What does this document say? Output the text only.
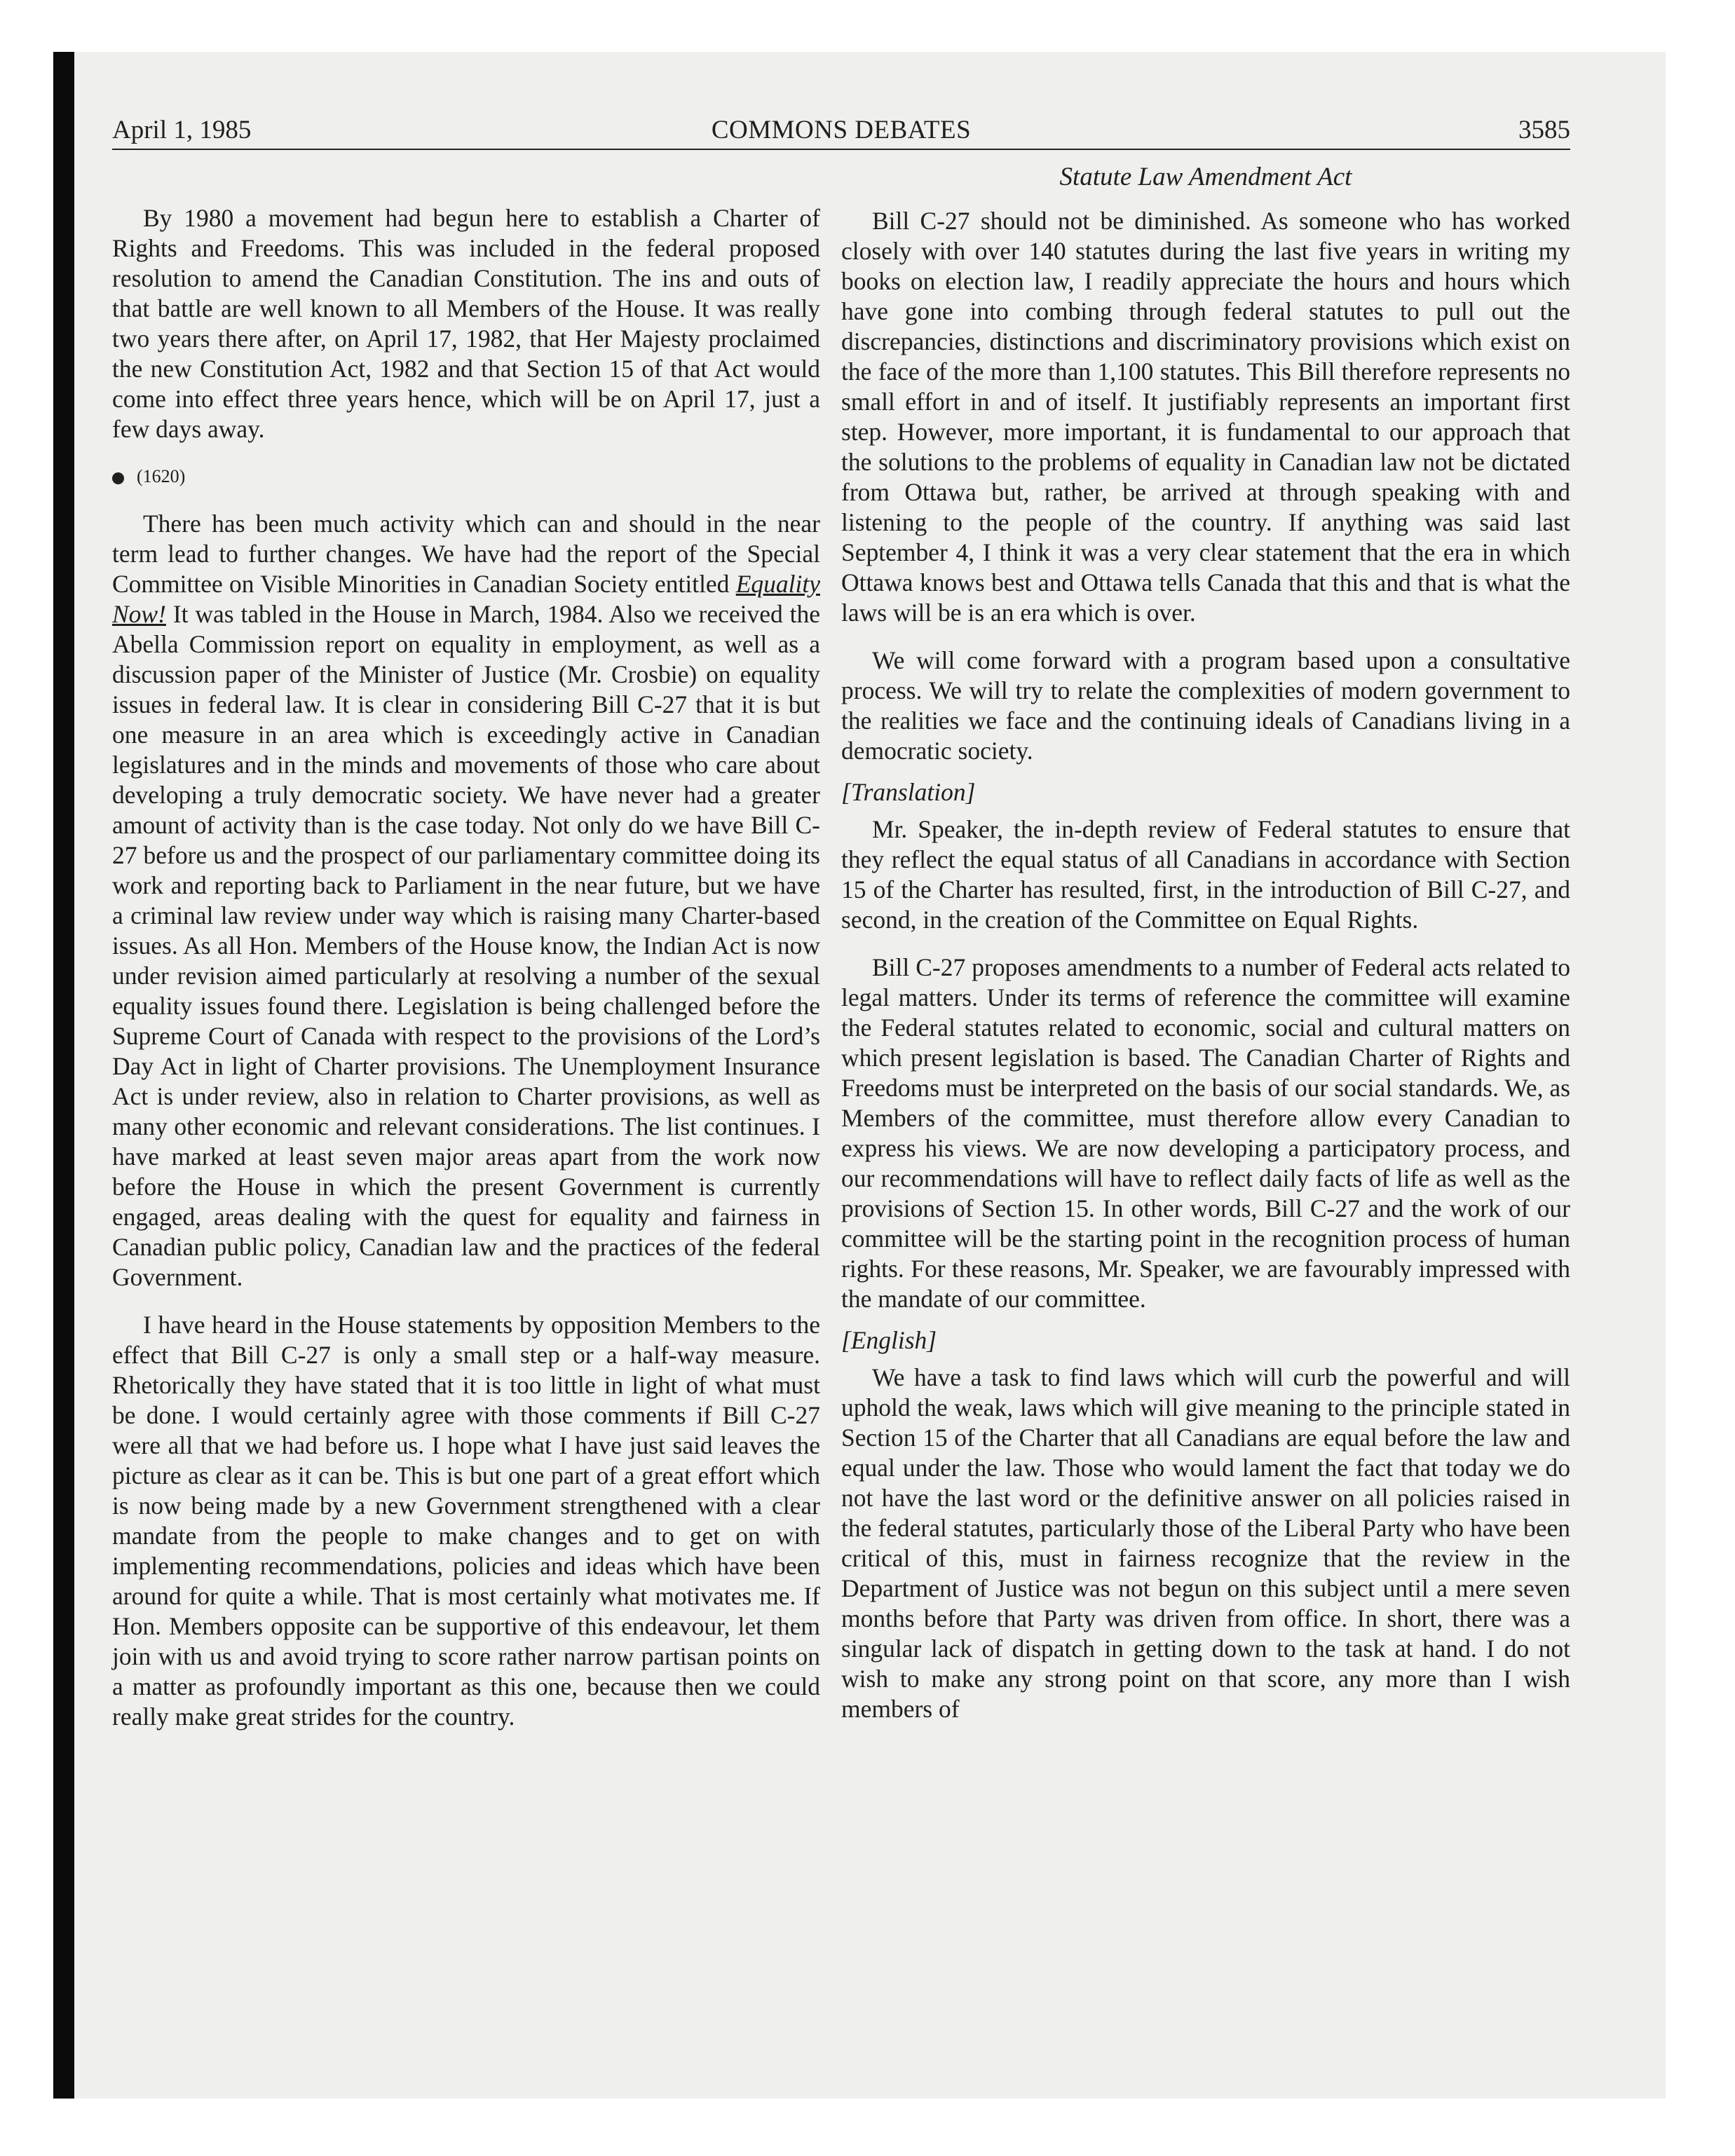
April 1, 1985	COMMONS DEBATES	3585
Statute Law Amendment Act

By 1980 a movement had begun here to establish a Charter of Rights and Freedoms. This was included in the federal proposed resolution to amend the Canadian Constitution. The ins and outs of that battle are well known to all Members of the House. It was really two years there after, on April 17, 1982, that Her Majesty proclaimed the new Constitution Act, 1982 and that Section 15 of that Act would come into effect three years hence, which will be on April 17, just a few days away.

(1620)

There has been much activity which can and should in the near term lead to further changes. We have had the report of the Special Committee on Visible Minorities in Canadian Society entitled Equality Now! It was tabled in the House in March, 1984. Also we received the Abella Commission report on equality in employment, as well as a discussion paper of the Minister of Justice (Mr. Crosbie) on equality issues in federal law. It is clear in considering Bill C-27 that it is but one measure in an area which is exceedingly active in Canadian legislatures and in the minds and movements of those who care about developing a truly democratic society. We have never had a greater amount of activity than is the case today. Not only do we have Bill C-27 before us and the prospect of our parliamentary committee doing its work and reporting back to Parliament in the near future, but we have a criminal law review under way which is raising many Charter-based issues. As all Hon. Members of the House know, the Indian Act is now under revision aimed particularly at resolving a number of the sexual equality issues found there. Legislation is being challenged before the Supreme Court of Canada with respect to the provisions of the Lord’s Day Act in light of Charter provisions. The Unemployment Insurance Act is under review, also in relation to Charter provisions, as well as many other economic and relevant considerations. The list continues. I have marked at least seven major areas apart from the work now before the House in which the present Government is currently engaged, areas dealing with the quest for equality and fairness in Canadian public policy, Canadian law and the practices of the federal Government.

I have heard in the House statements by opposition Members to the effect that Bill C-27 is only a small step or a half-way measure. Rhetorically they have stated that it is too little in light of what must be done. I would certainly agree with those comments if Bill C-27 were all that we had before us. I hope what I have just said leaves the picture as clear as it can be. This is but one part of a great effort which is now being made by a new Government strengthened with a clear mandate from the people to make changes and to get on with implementing recommendations, policies and ideas which have been around for quite a while. That is most certainly what motivates me. If Hon. Members opposite can be supportive of this endeavour, let them join with us and avoid trying to score rather narrow partisan points on a matter as profoundly important as this one, because then we could really make great strides for the country.

Bill C-27 should not be diminished. As someone who has worked closely with over 140 statutes during the last five years in writing my books on election law, I readily appreciate the hours and hours which have gone into combing through federal statutes to pull out the discrepancies, distinctions and discriminatory provisions which exist on the face of the more than 1,100 statutes. This Bill therefore represents no small effort in and of itself. It justifiably represents an important first step. However, more important, it is fundamental to our approach that the solutions to the problems of equality in Canadian law not be dictated from Ottawa but, rather, be arrived at through speaking with and listening to the people of the country. If anything was said last September 4, I think it was a very clear statement that the era in which Ottawa knows best and Ottawa tells Canada that this and that is what the laws will be is an era which is over.

We will come forward with a program based upon a consultative process. We will try to relate the complexities of modern government to the realities we face and the continuing ideals of Canadians living in a democratic society.

[Translation]

Mr. Speaker, the in-depth review of Federal statutes to ensure that they reflect the equal status of all Canadians in accordance with Section 15 of the Charter has resulted, first, in the introduction of Bill C-27, and second, in the creation of the Committee on Equal Rights.

Bill C-27 proposes amendments to a number of Federal acts related to legal matters. Under its terms of reference the committee will examine the Federal statutes related to economic, social and cultural matters on which present legislation is based. The Canadian Charter of Rights and Freedoms must be interpreted on the basis of our social standards. We, as Members of the committee, must therefore allow every Canadian to express his views. We are now developing a participatory process, and our recommendations will have to reflect daily facts of life as well as the provisions of Section 15. In other words, Bill C-27 and the work of our committee will be the starting point in the recognition process of human rights. For these reasons, Mr. Speaker, we are favourably impressed with the mandate of our committee.

[English]

We have a task to find laws which will curb the powerful and will uphold the weak, laws which will give meaning to the principle stated in Section 15 of the Charter that all Canadians are equal before the law and equal under the law. Those who would lament the fact that today we do not have the last word or the definitive answer on all policies raised in the federal statutes, particularly those of the Liberal Party who have been critical of this, must in fairness recognize that the review in the Department of Justice was not begun on this subject until a mere seven months before that Party was driven from office. In short, there was a singular lack of dispatch in getting down to the task at hand. I do not wish to make any strong point on that score, any more than I wish members of
